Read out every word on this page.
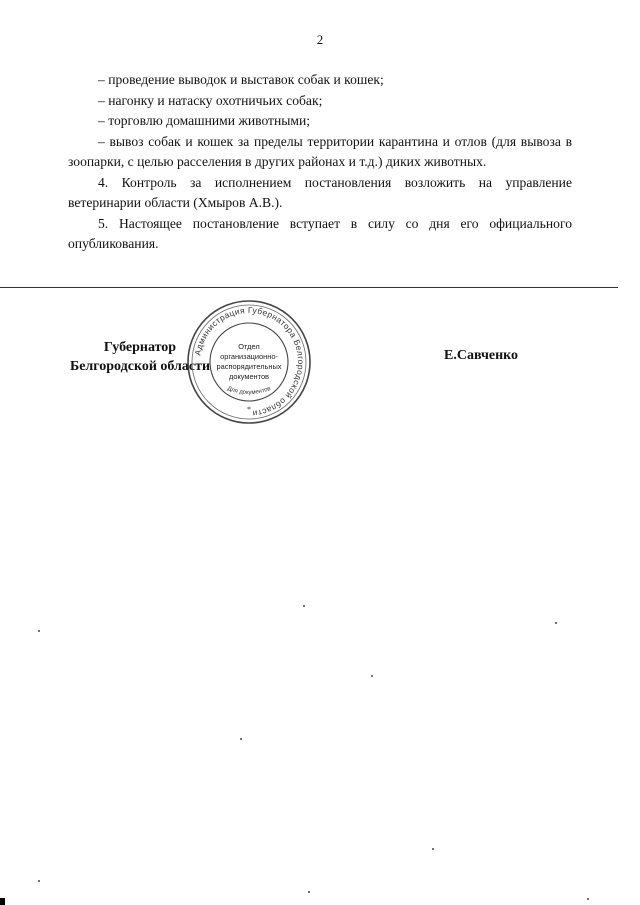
2

– проведение выводок и выставок собак и кошек;

– нагонку и натаску охотничьих собак;

– торговлю домашними животными;

– вывоз собак и кошек за пределы территории карантина и отлов (для вывоза в зоопарки, с целью расселения в других районах и т.д.) диких животных.

4. Контроль за исполнением постановления возложить на управление ветеринарии области (Хмыров А.В.).

5. Настоящее постановление вступает в силу со дня его официального опубликования.

Губернатор
Белгородской области
Администрация Губернатора Белгородской области
Отдел
организационно-
распорядительных
документов
Для документов
*
Е.Савченко
